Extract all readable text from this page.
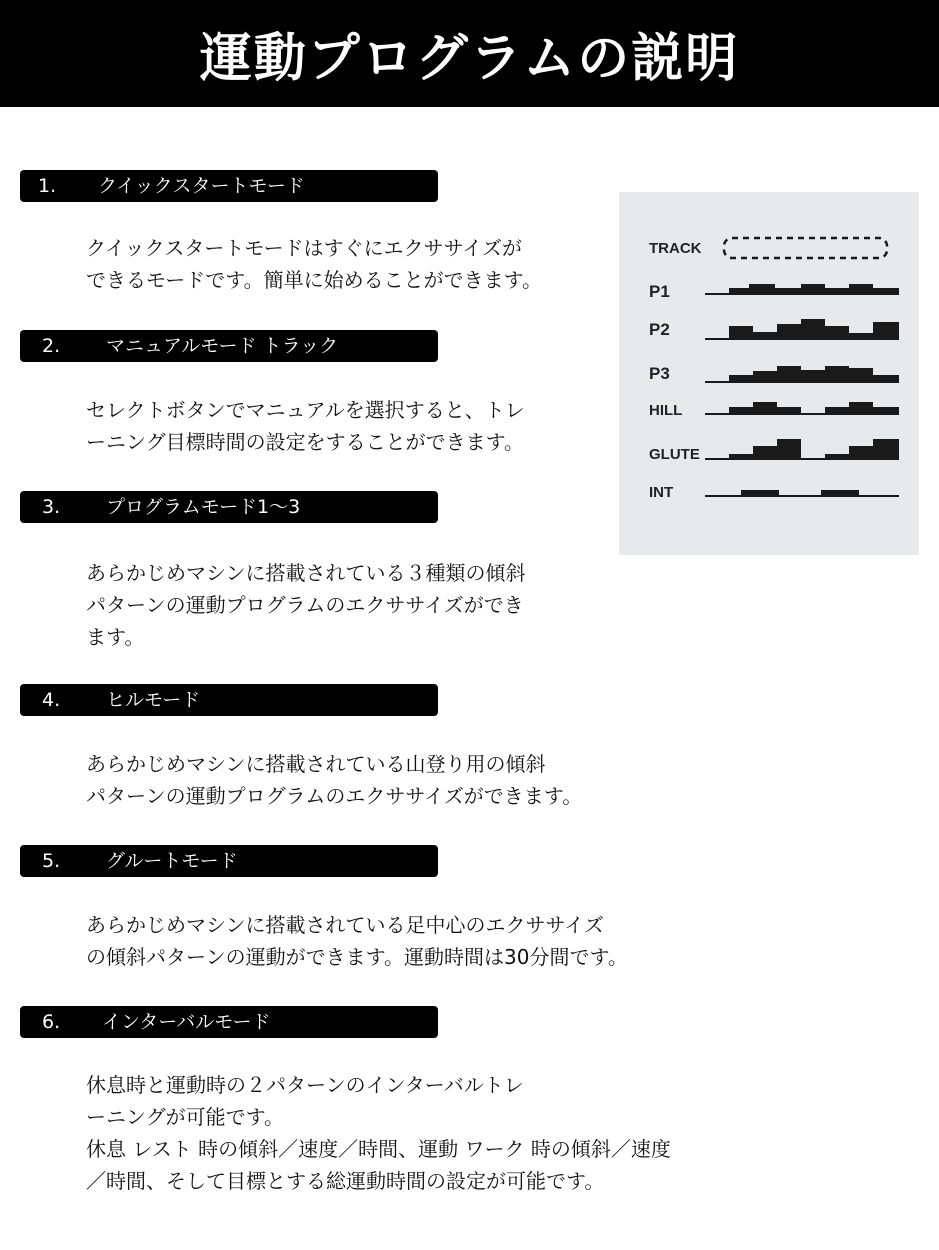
運動プログラムの説明
1. クイックスタートモード
クイックスタートモードはすぐにエクササイズが
できるモードです。簡単に始めることができます。
2. マニュアルモード トラック
セレクトボタンでマニュアルを選択すると、トレ
ーニング目標時間の設定をすることができます。
3. プログラムモード1〜3
あらかじめマシンに搭載されている３種類の傾斜
パターンの運動プログラムのエクササイズができ
ます。
4. ヒルモード
あらかじめマシンに搭載されている山登り用の傾斜
パターンの運動プログラムのエクササイズができます。
5. グルートモード
あらかじめマシンに搭載されている足中心のエクササイズ
の傾斜パターンの運動ができます。運動時間は30分間です。
6. インターバルモード
休息時と運動時の２パターンのインターバルトレ
ーニングが可能です。
休息 レスト 時の傾斜／速度／時間、運動 ワーク 時の傾斜／速度
／時間、そして目標とする総運動時間の設定が可能です。
TRACK
P1
P2
P3
HILL
GLUTE
INT
